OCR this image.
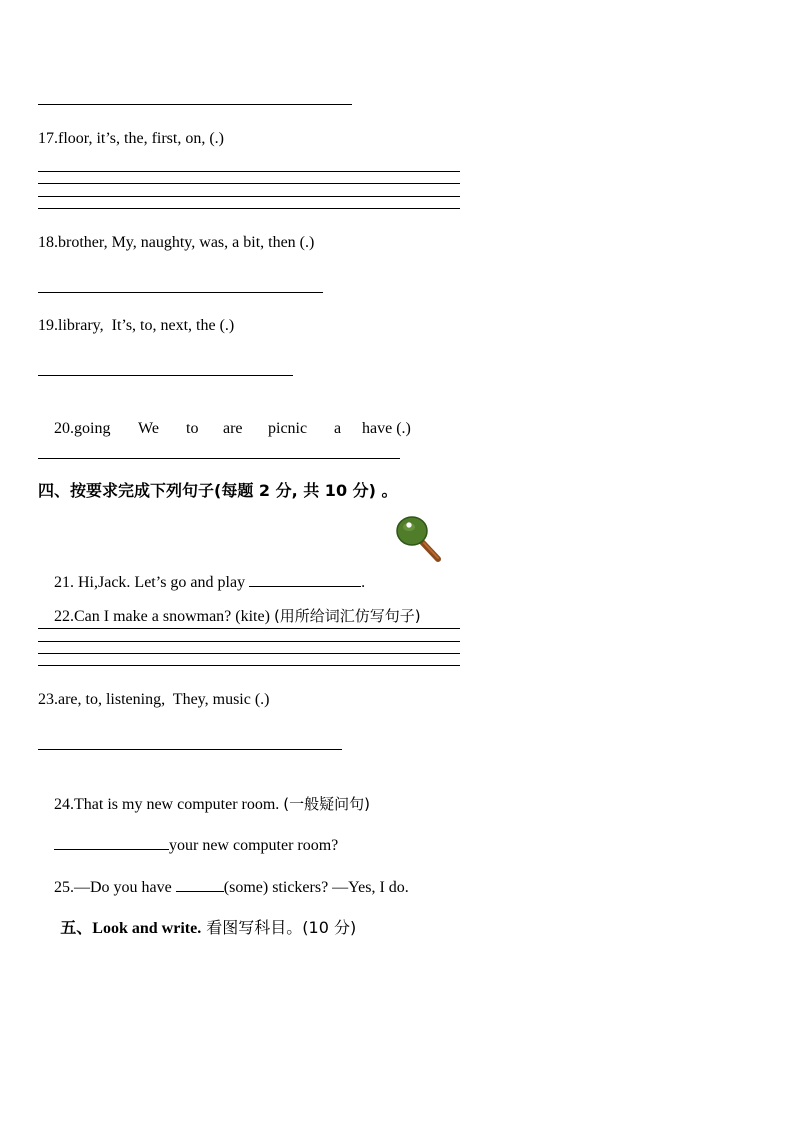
17.floor, it’s, the, first, on, (.)
18.brother, My, naughty, was, a bit, then (.)
19.library,  It’s, to, next, the (.)

20.going We to are picnic a have (.)

四、按要求完成下列句子(每题 2 分, 共 10 分) 。

21. Hi,Jack. Let’s go and play	.

22.Can I make a snowman? (kite) (用所给词汇仿写句子)

23.are, to, listening,  They, music (.)

24.That is my new computer room. (一般疑问句)

your new computer room?

25.—Do you have	(some) stickers? —Yes, I do.

五、Look and write. 看图写科目。(10 分)
